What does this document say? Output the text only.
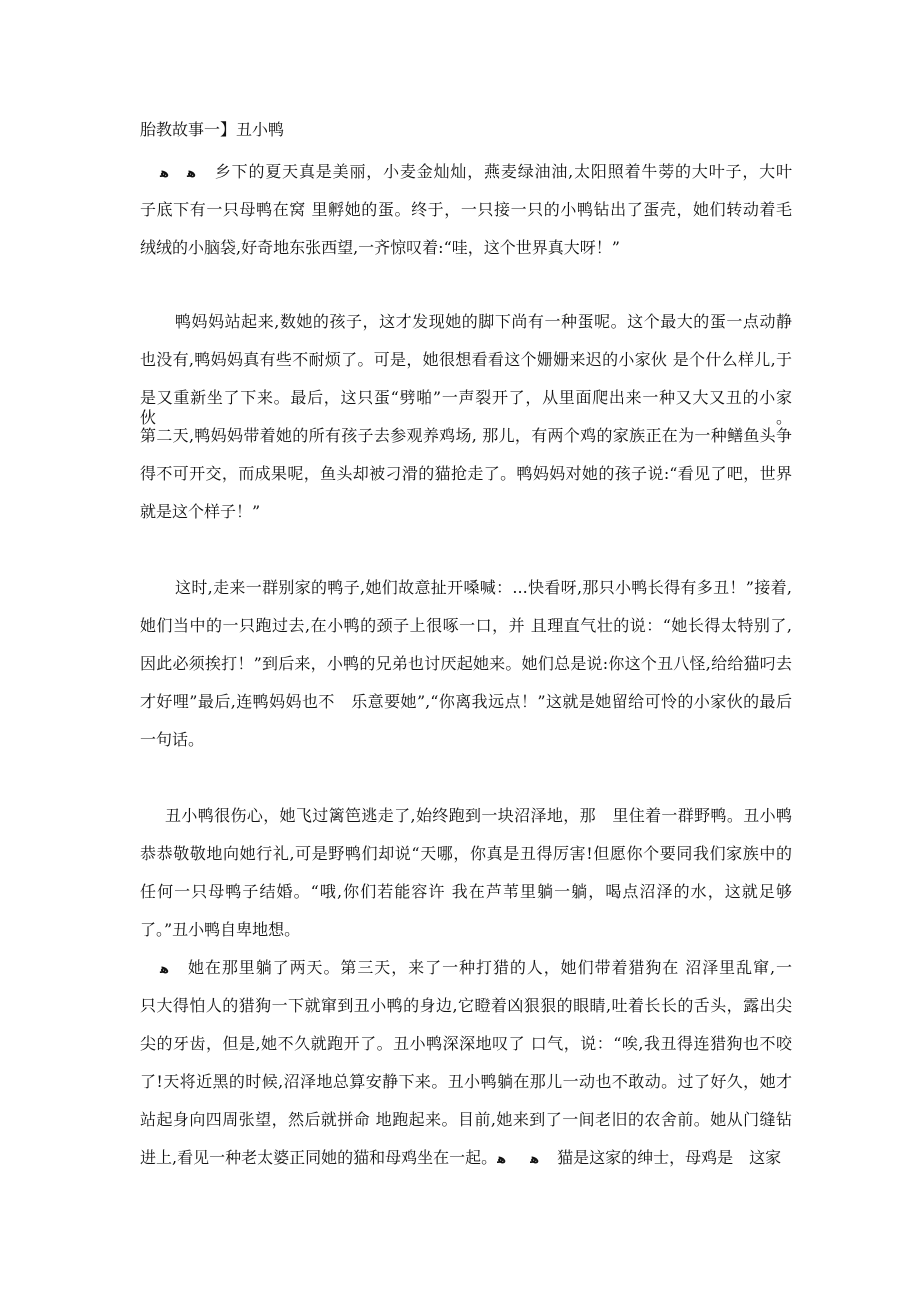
胎教故事一】丑小鸭
ﻫﻫ	乡下的夏天真是美丽，小麦金灿灿，燕麦绿油油,太阳照着牛蒡的大叶子，大叶
子底下有一只母鸭在窝 里孵她的蛋。终于，一只接一只的小鸭钻出了蛋壳，她们转动着毛
绒绒的小脑袋,好奇地东张西望,一齐惊叹着:“哇，这个世界真大呀！”
鸭妈妈站起来,数她的孩子，这才发现她的脚下尚有一种蛋呢。这个最大的蛋一点动静
也没有,鸭妈妈真有些不耐烦了。可是，她很想看看这个姗姗来迟的小家伙 是个什么样儿,于
是又重新坐了下来。最后，这只蛋“劈啪”一声裂开了，从里面爬出来一种又大又丑的小家伙。
第二天,鸭妈妈带着她的所有孩子去参观养鸡场, 那儿，有两个鸡的家族正在为一种鳝鱼头争
得不可开交，而成果呢，鱼头却被刁滑的猫抢走了。鸭妈妈对她的孩子说:“看见了吧，世界
就是这个样子！”
这时,走来一群别家的鸭子,她们故意扯开嗓喊：...快看呀,那只小鸭长得有多丑！”接着,
她们当中的一只跑过去,在小鸭的颈子上很啄一口，并 且理直气壮的说：“她长得太特别了,
因此必须挨打！”到后来，小鸭的兄弟也讨厌起她来。她们总是说:你这个丑八怪,给给猫叼去
才好哩”最后,连鸭妈妈也不　乐意要她”,“你离我远点！”这就是她留给可怜的小家伙的最后
一句话。
丑小鸭很伤心，她飞过篱笆逃走了,始终跑到一块沼泽地，那　里住着一群野鸭。丑小鸭
恭恭敬敬地向她行礼,可是野鸭们却说“天哪，你真是丑得厉害!但愿你个要同我们家族中的
任何一只母鸭子结婚。“哦,你们若能容许 我在芦苇里躺一躺，喝点沼泽的水，这就足够
了。”丑小鸭自卑地想。
ﻫ 她在那里躺了两天。第三天，来了一种打猎的人，她们带着猎狗在 沼泽里乱窜,一
只大得怕人的猎狗一下就窜到丑小鸭的身边,它瞪着凶狠狠的眼睛,吐着长长的舌头，露出尖
尖的牙齿，但是,她不久就跑开了。丑小鸭深深地叹了 口气，说：“唉,我丑得连猎狗也不咬
了!天将近黑的时候,沼泽地总算安静下来。丑小鸭躺在那儿一动也不敢动。过了好久，她才
站起身向四周张望，然后就拼命 地跑起来。目前,她来到了一间老旧的农舍前。她从门缝钻
进上,看见一种老太婆正同她的猫和母鸡坐在一起。	ﻫﻫ	猫是这家的绅士，母鸡是　这家
